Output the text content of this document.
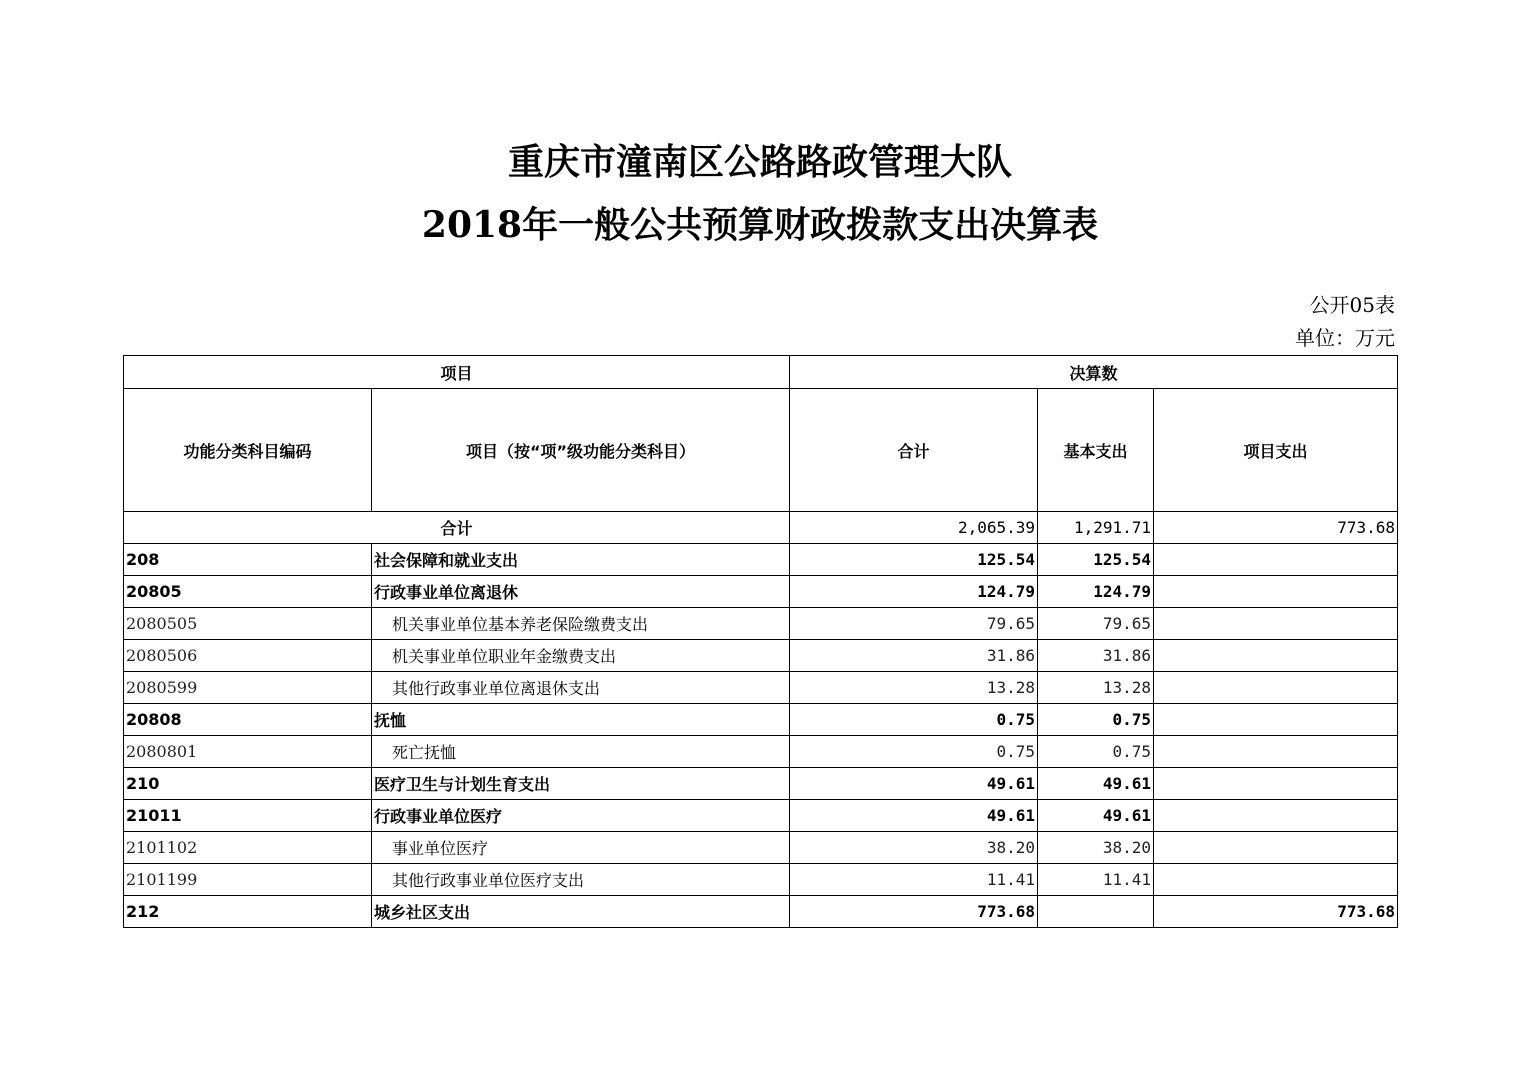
重庆市潼南区公路路政管理大队
2018年一般公共预算财政拨款支出决算表
公开05表
单位：万元
项目		决算数		
功能分类科目编码	项目（按“项”级功能分类科目）	合计	基本支出	项目支出
合计		2,065.39	1,291.71	773.68
208	社会保障和就业支出	125.54	125.54	
20805	行政事业单位离退休	124.79	124.79	
2080505	机关事业单位基本养老保险缴费支出	79.65	79.65	
2080506	机关事业单位职业年金缴费支出	31.86	31.86	
2080599	其他行政事业单位离退休支出	13.28	13.28	
20808	抚恤	0.75	0.75	
2080801	死亡抚恤	0.75	0.75	
210	医疗卫生与计划生育支出	49.61	49.61	
21011	行政事业单位医疗	49.61	49.61	
2101102	事业单位医疗	38.20	38.20	
2101199	其他行政事业单位医疗支出	11.41	11.41	
212	城乡社区支出	773.68		773.68
